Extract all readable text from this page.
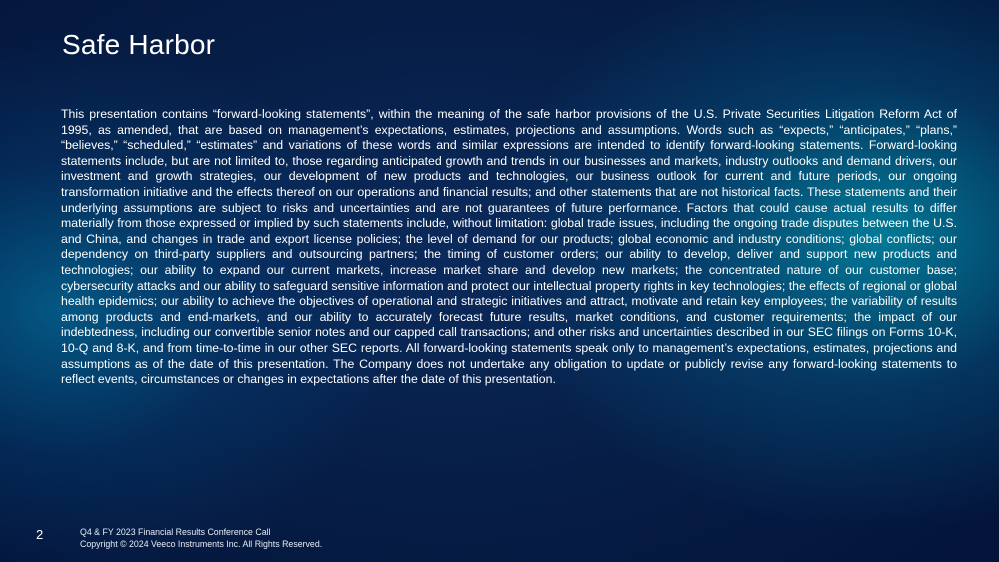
Safe Harbor

This presentation contains “forward-looking statements”, within the meaning of the safe harbor provisions of the U.S. Private Securities Litigation Reform Act of 1995, as amended, that are based on management’s expectations, estimates, projections and assumptions. Words such as “expects,” “anticipates,” “plans,” “believes,” “scheduled,” “estimates” and variations of these words and similar expressions are intended to identify forward-looking statements. Forward-looking statements include, but are not limited to, those regarding anticipated growth and trends in our businesses and markets, industry outlooks and demand drivers, our investment and growth strategies, our development of new products and technologies, our business outlook for current and future periods, our ongoing transformation initiative and the effects thereof on our operations and financial results; and other statements that are not historical facts. These statements and their underlying assumptions are subject to risks and uncertainties and are not guarantees of future performance. Factors that could cause actual results to differ materially from those expressed or implied by such statements include, without limitation: global trade issues, including the ongoing trade disputes between the U.S. and China, and changes in trade and export license policies; the level of demand for our products; global economic and industry conditions; global conflicts; our dependency on third-party suppliers and outsourcing partners; the timing of customer orders; our ability to develop, deliver and support new products and technologies; our ability to expand our current markets, increase market share and develop new markets; the concentrated nature of our customer base; cybersecurity attacks and our ability to safeguard sensitive information and protect our intellectual property rights in key technologies; the effects of regional or global health epidemics; our ability to achieve the objectives of operational and strategic initiatives and attract, motivate and retain key employees; the variability of results among products and end-markets, and our ability to accurately forecast future results, market conditions, and customer requirements; the impact of our indebtedness, including our convertible senior notes and our capped call transactions; and other risks and uncertainties described in our SEC filings on Forms 10-K, 10-Q and 8-K, and from time-to-time in our other SEC reports. All forward-looking statements speak only to management’s expectations, estimates, projections and assumptions as of the date of this presentation. The Company does not undertake any obligation to update or publicly revise any forward-looking statements to reflect events, circumstances or changes in expectations after the date of this presentation.

2	Q4 & FY 2023 Financial Results Conference Call
Copyright © 2024 Veeco Instruments Inc. All Rights Reserved.
